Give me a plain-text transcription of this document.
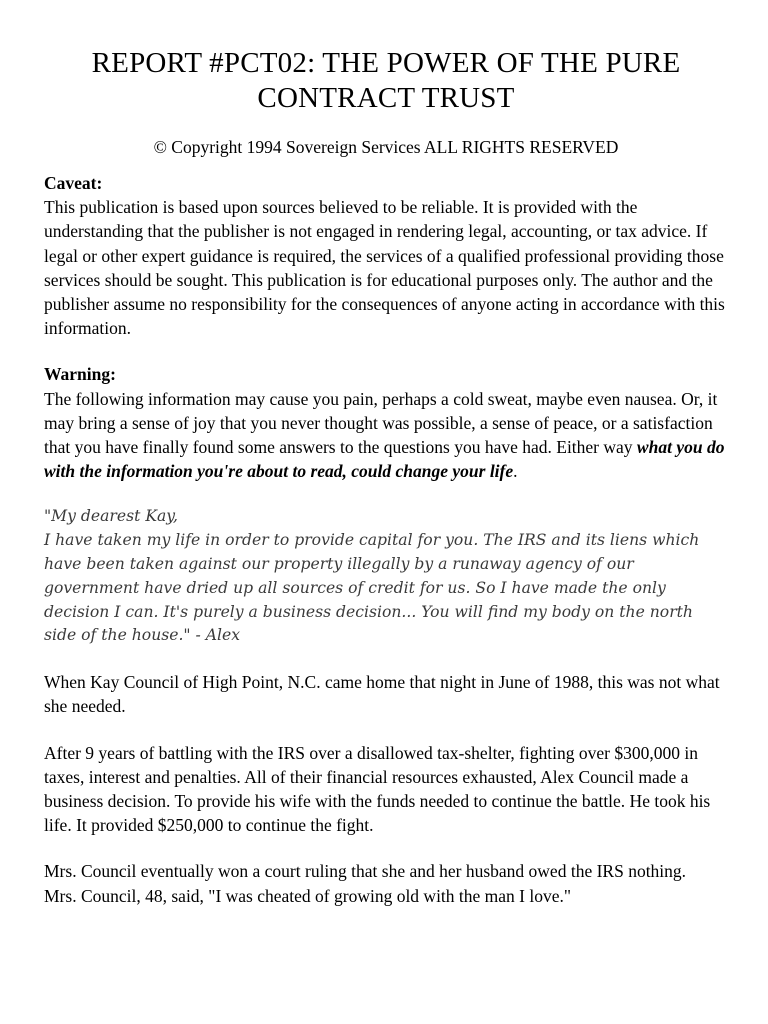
REPORT #PCT02: THE POWER OF THE PURE
CONTRACT TRUST
© Copyright 1994 Sovereign Services ALL RIGHTS RESERVED
Caveat:

This publication is based upon sources believed to be reliable. It is provided with the understanding that the publisher is not engaged in rendering legal, accounting, or tax advice. If legal or other expert guidance is required, the services of a qualified professional providing those services should be sought. This publication is for educational purposes only. The author and the publisher assume no responsibility for the consequences of anyone acting in accordance with this information.

Warning:

The following information may cause you pain, perhaps a cold sweat, maybe even nausea. Or, it may bring a sense of joy that you never thought was possible, a sense of peace, or a satisfaction that you have finally found some answers to the questions you have had. Either way what you do with the information you're about to read, could change your life.

"My dearest Kay,

I have taken my life in order to provide capital for you. The IRS and its liens which have been taken against our property illegally by a runaway agency of our government have dried up all sources of credit for us. So I have made the only decision I can. It's purely a business decision... You will find my body on the north side of the house." - Alex

When Kay Council of High Point, N.C. came home that night in June of 1988, this was not what she needed.

After 9 years of battling with the IRS over a disallowed tax-shelter, fighting over $300,000 in taxes, interest and penalties. All of their financial resources exhausted, Alex Council made a business decision. To provide his wife with the funds needed to continue the battle. He took his life. It provided $250,000 to continue the fight.

Mrs. Council eventually won a court ruling that she and her husband owed the IRS nothing.

Mrs. Council, 48, said, "I was cheated of growing old with the man I love."
